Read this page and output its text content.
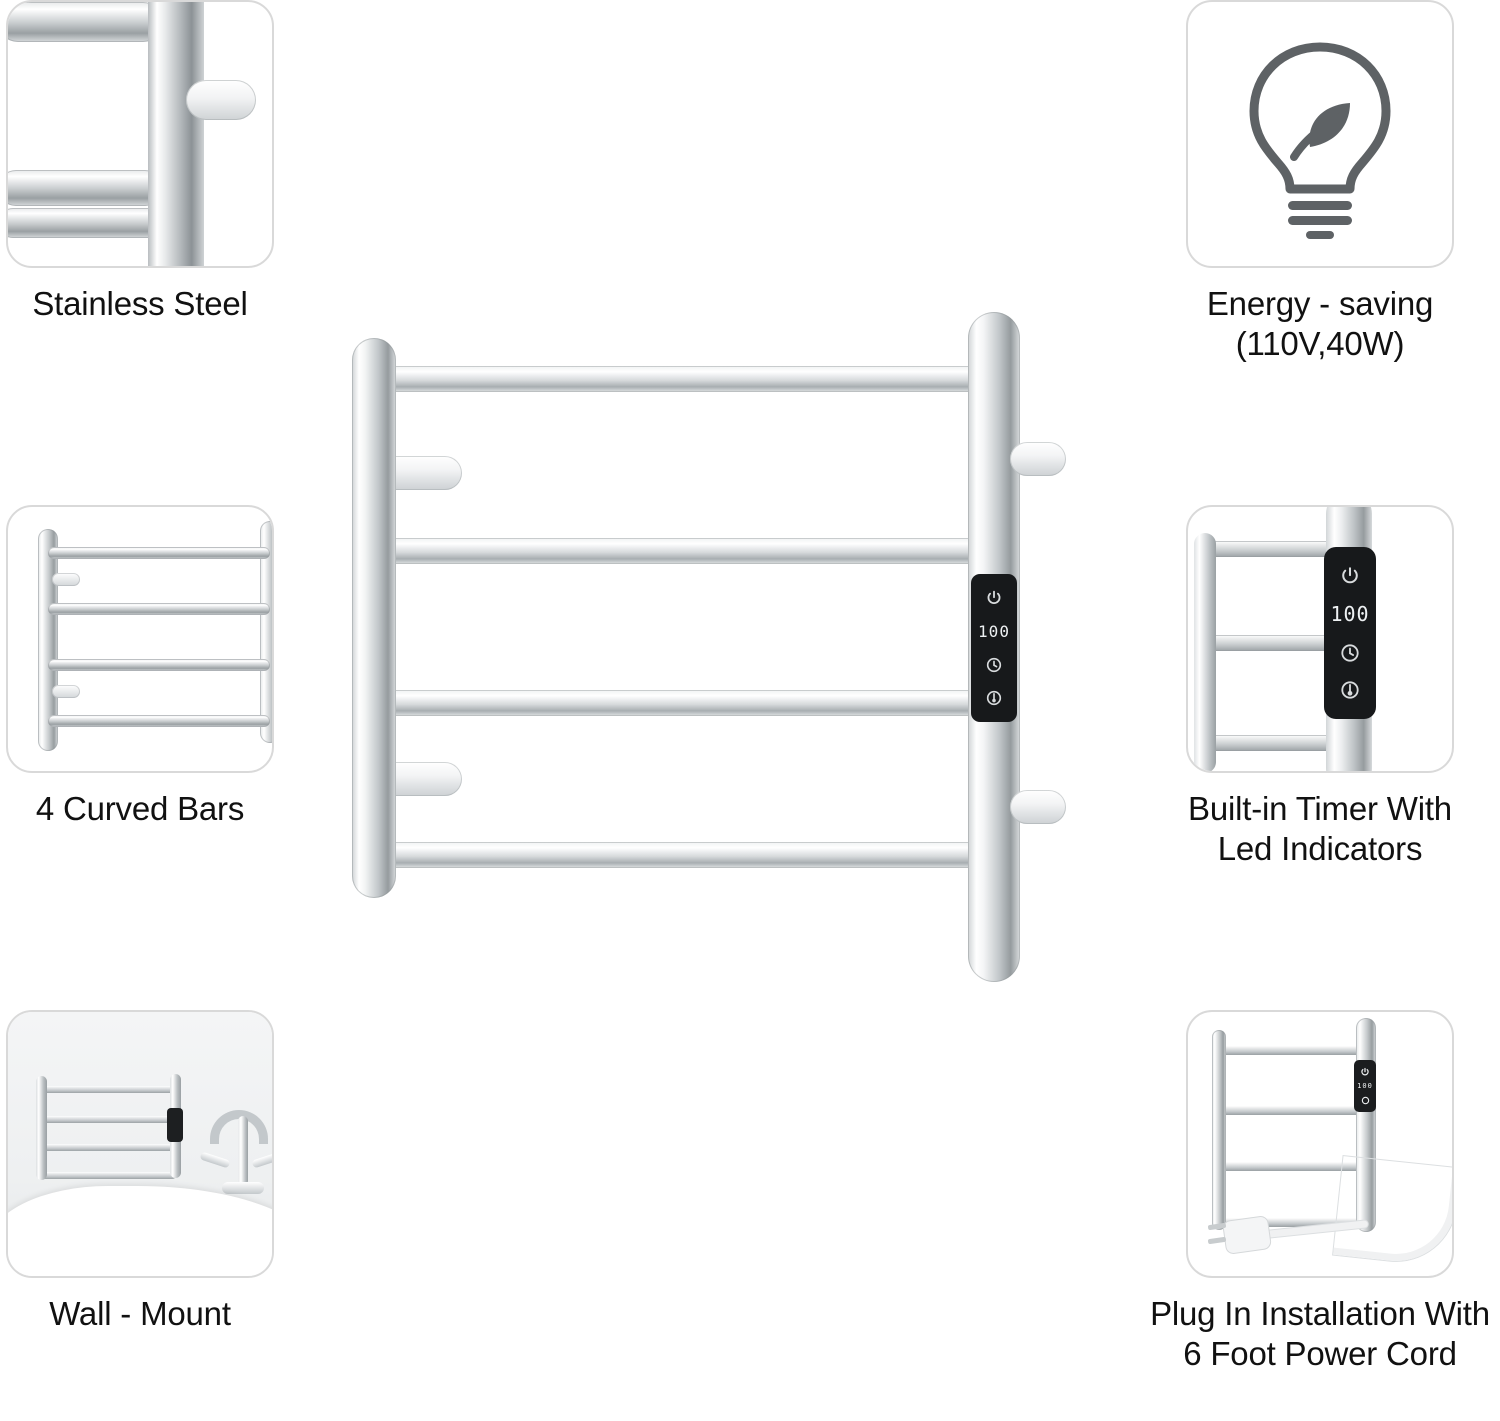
Stainless Steel
4 Curved Bars
Wall - Mount
Energy - saving
(110V,40W)
100
Built-in Timer With
Led Indicators
100
Plug In Installation With
6 Foot Power Cord
100
